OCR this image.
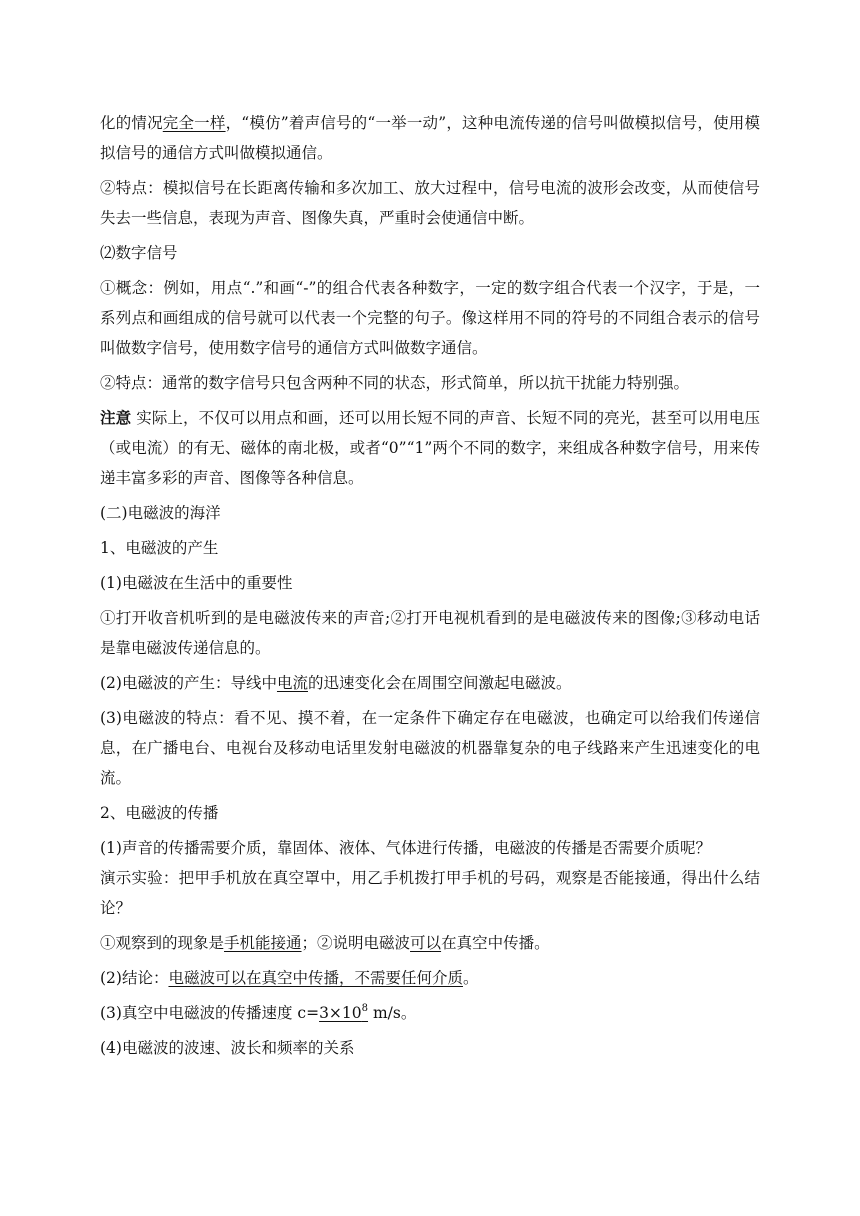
化的情况完全一样，“模仿”着声信号的“一举一动”，这种电流传递的信号叫做模拟信号，使用模拟信号的通信方式叫做模拟通信。

②特点：模拟信号在长距离传输和多次加工、放大过程中，信号电流的波形会改变，从而使信号失去一些信息，表现为声音、图像失真，严重时会使通信中断。

⑵数字信号

①概念：例如，用点“.”和画“-”的组合代表各种数字，一定的数字组合代表一个汉字，于是，一系列点和画组成的信号就可以代表一个完整的句子。像这样用不同的符号的不同组合表示的信号叫做数字信号，使用数字信号的通信方式叫做数字通信。

②特点：通常的数字信号只包含两种不同的状态，形式简单，所以抗干扰能力特别强。

注意 实际上，不仅可以用点和画，还可以用长短不同的声音、长短不同的亮光，甚至可以用电压（或电流）的有无、磁体的南北极，或者“0”“1”两个不同的数字，来组成各种数字信号，用来传递丰富多彩的声音、图像等各种信息。

(二)电磁波的海洋

1、电磁波的产生

(1)电磁波在生活中的重要性

①打开收音机听到的是电磁波传来的声音;②打开电视机看到的是电磁波传来的图像;③移动电话是靠电磁波传递信息的。

(2)电磁波的产生：导线中电流的迅速变化会在周围空间激起电磁波。

(3)电磁波的特点：看不见、摸不着，在一定条件下确定存在电磁波，也确定可以给我们传递信息，在广播电台、电视台及移动电话里发射电磁波的机器靠复杂的电子线路来产生迅速变化的电流。

2、电磁波的传播

(1)声音的传播需要介质，靠固体、液体、气体进行传播，电磁波的传播是否需要介质呢？

演示实验：把甲手机放在真空罩中，用乙手机拨打甲手机的号码，观察是否能接通，得出什么结论？

①观察到的现象是手机能接通；②说明电磁波可以在真空中传播。

(2)结论：电磁波可以在真空中传播，不需要任何介质。

(3)真空中电磁波的传播速度 $c=3\times 10^8$ m/s。

(4)电磁波的波速、波长和频率的关系
